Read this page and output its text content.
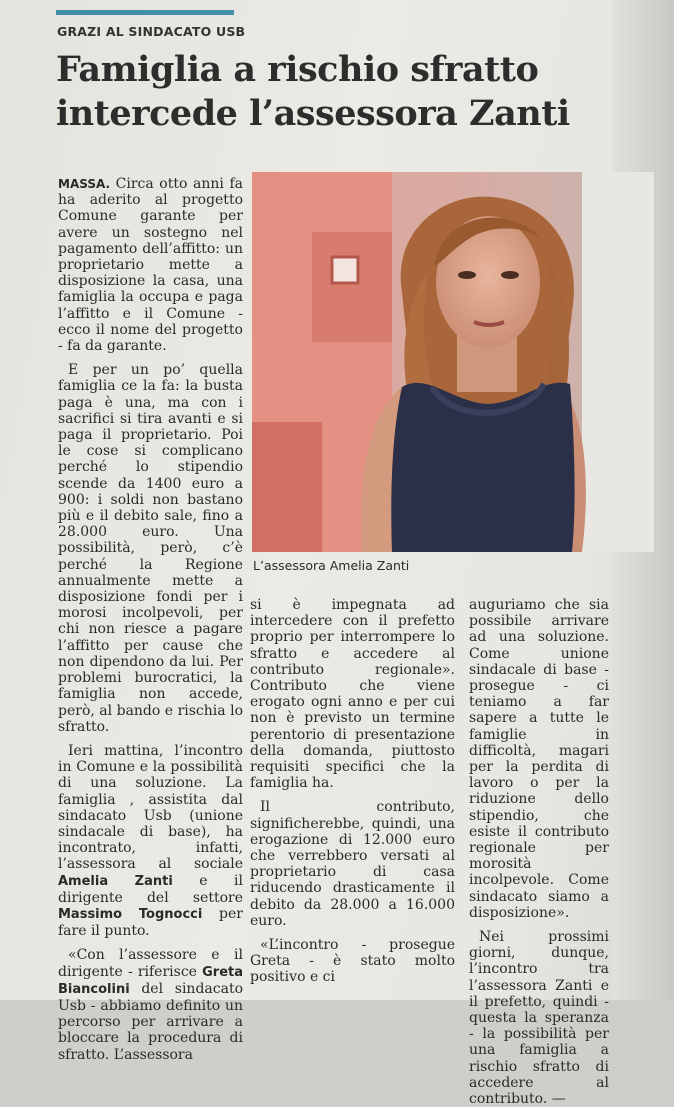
GRAZI AL SINDACATO USB
Famiglia a rischio sfratto
intercede l’assessora Zanti

MASSA. Circa otto anni fa ha aderito al progetto Comune garante per avere un sostegno nel pagamento dell’affitto: un proprietario mette a disposizione la casa, una famiglia la occupa e paga l’affitto e il Comune - ecco il nome del progetto - fa da garante.

E per un po’ quella famiglia ce la fa: la busta paga è una, ma con i sacrifici si tira avanti e si paga il proprietario. Poi le cose si complicano perché lo stipendio scende da 1400 euro a 900: i soldi non bastano più e il debito sale, fino a 28.000 euro. Una possibilità, però, c’è perché la Regione annualmente mette a disposizione fondi per i morosi incolpevoli, per chi non riesce a pagare l’affitto per cause che non dipendono da lui. Per problemi burocratici, la famiglia non accede, però, al bando e rischia lo sfratto.

Ieri mattina, l’incontro in Comune e la possibilità di una soluzione. La famiglia , assistita dal sindacato Usb (unione sindacale di base), ha incontrato, infatti, l’assessora al sociale Amelia Zanti e il dirigente del settore Massimo Tognocci per fare il punto.

«Con l’assessore e il dirigente - riferisce Greta Biancolini del sindacato Usb - abbiamo definito un percorso per arrivare a bloccare la procedura di sfratto. L’assessora

L’assessora Amelia Zanti

si è impegnata ad intercedere con il prefetto proprio per interrompere lo sfratto e accedere al contributo regionale». Contributo che viene erogato ogni anno e per cui non è previsto un termine perentorio di presentazione della domanda, piuttosto requisiti specifici che la famiglia ha.

Il contributo, significherebbe, quindi, una erogazione di 12.000 euro che verrebbero versati al proprietario di casa riducendo drasticamente il debito da 28.000 a 16.000 euro.

«L’incontro - prosegue Greta - è stato molto positivo e ci

auguriamo che sia possibile arrivare ad una soluzione. Come unione sindacale di base - prosegue - ci teniamo a far sapere a tutte le famiglie in difficoltà, magari per la perdita di lavoro o per la riduzione dello stipendio, che esiste il contributo regionale per morosità incolpevole. Come sindacato siamo a disposizione».

Nei prossimi giorni, dunque, l’incontro tra l’assessora Zanti e il prefetto, quindi - questa la speranza - la possibilità per una famiglia a rischio sfratto di accedere al contributo. —
